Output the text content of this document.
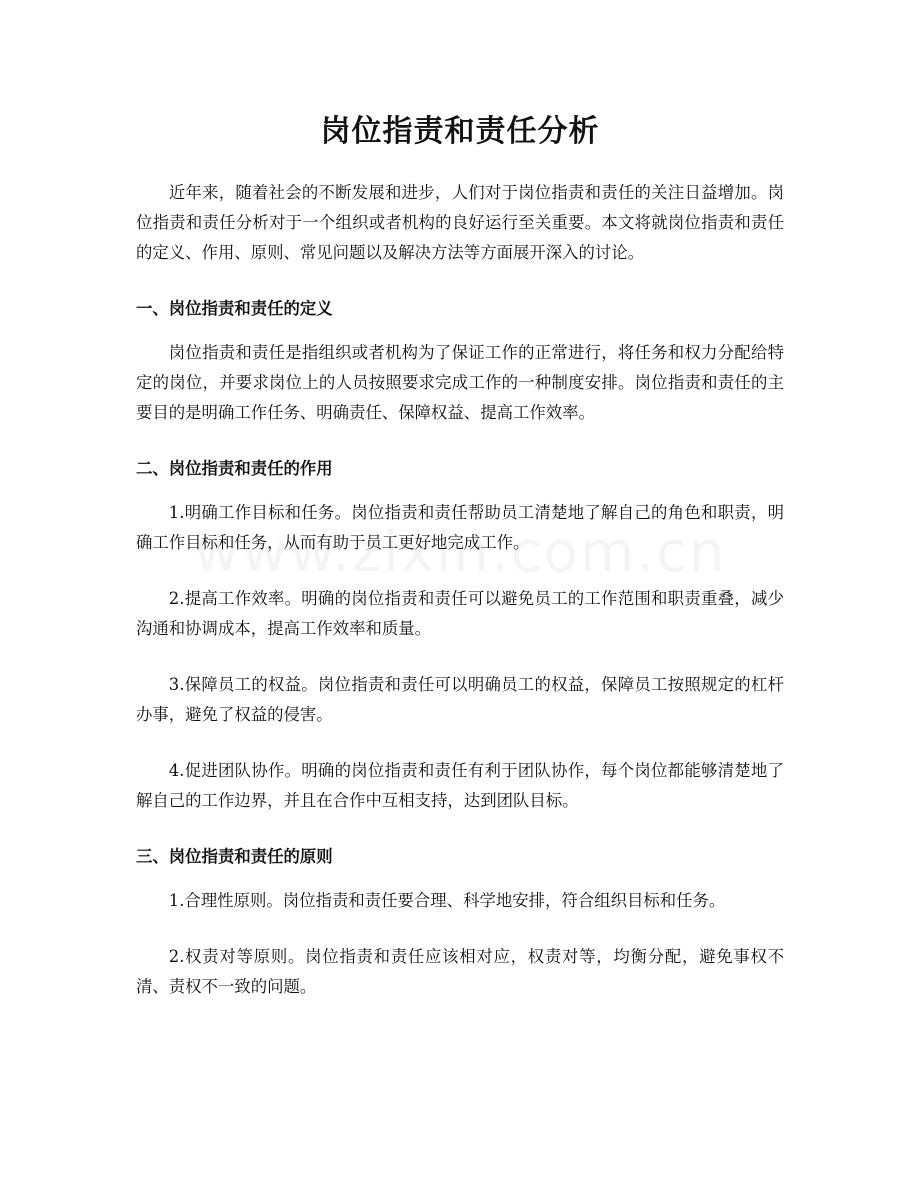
岗位指责和责任分析

近年来，随着社会的不断发展和进步，人们对于岗位指责和责任的关注日益增加。岗位指责和责任分析对于一个组织或者机构的良好运行至关重要。本文将就岗位指责和责任的定义、作用、原则、常见问题以及解决方法等方面展开深入的讨论。

一、岗位指责和责任的定义

岗位指责和责任是指组织或者机构为了保证工作的正常进行，将任务和权力分配给特定的岗位，并要求岗位上的人员按照要求完成工作的一种制度安排。岗位指责和责任的主要目的是明确工作任务、明确责任、保障权益、提高工作效率。

二、岗位指责和责任的作用

1.明确工作目标和任务。岗位指责和责任帮助员工清楚地了解自己的角色和职责，明确工作目标和任务，从而有助于员工更好地完成工作。

2.提高工作效率。明确的岗位指责和责任可以避免员工的工作范围和职责重叠，减少沟通和协调成本，提高工作效率和质量。

3.保障员工的权益。岗位指责和责任可以明确员工的权益，保障员工按照规定的杠杆办事，避免了权益的侵害。

4.促进团队协作。明确的岗位指责和责任有利于团队协作，每个岗位都能够清楚地了解自己的工作边界，并且在合作中互相支持，达到团队目标。

三、岗位指责和责任的原则

1.合理性原则。岗位指责和责任要合理、科学地安排，符合组织目标和任务。

2.权责对等原则。岗位指责和责任应该相对应，权责对等，均衡分配，避免事权不清、责权不一致的问题。
